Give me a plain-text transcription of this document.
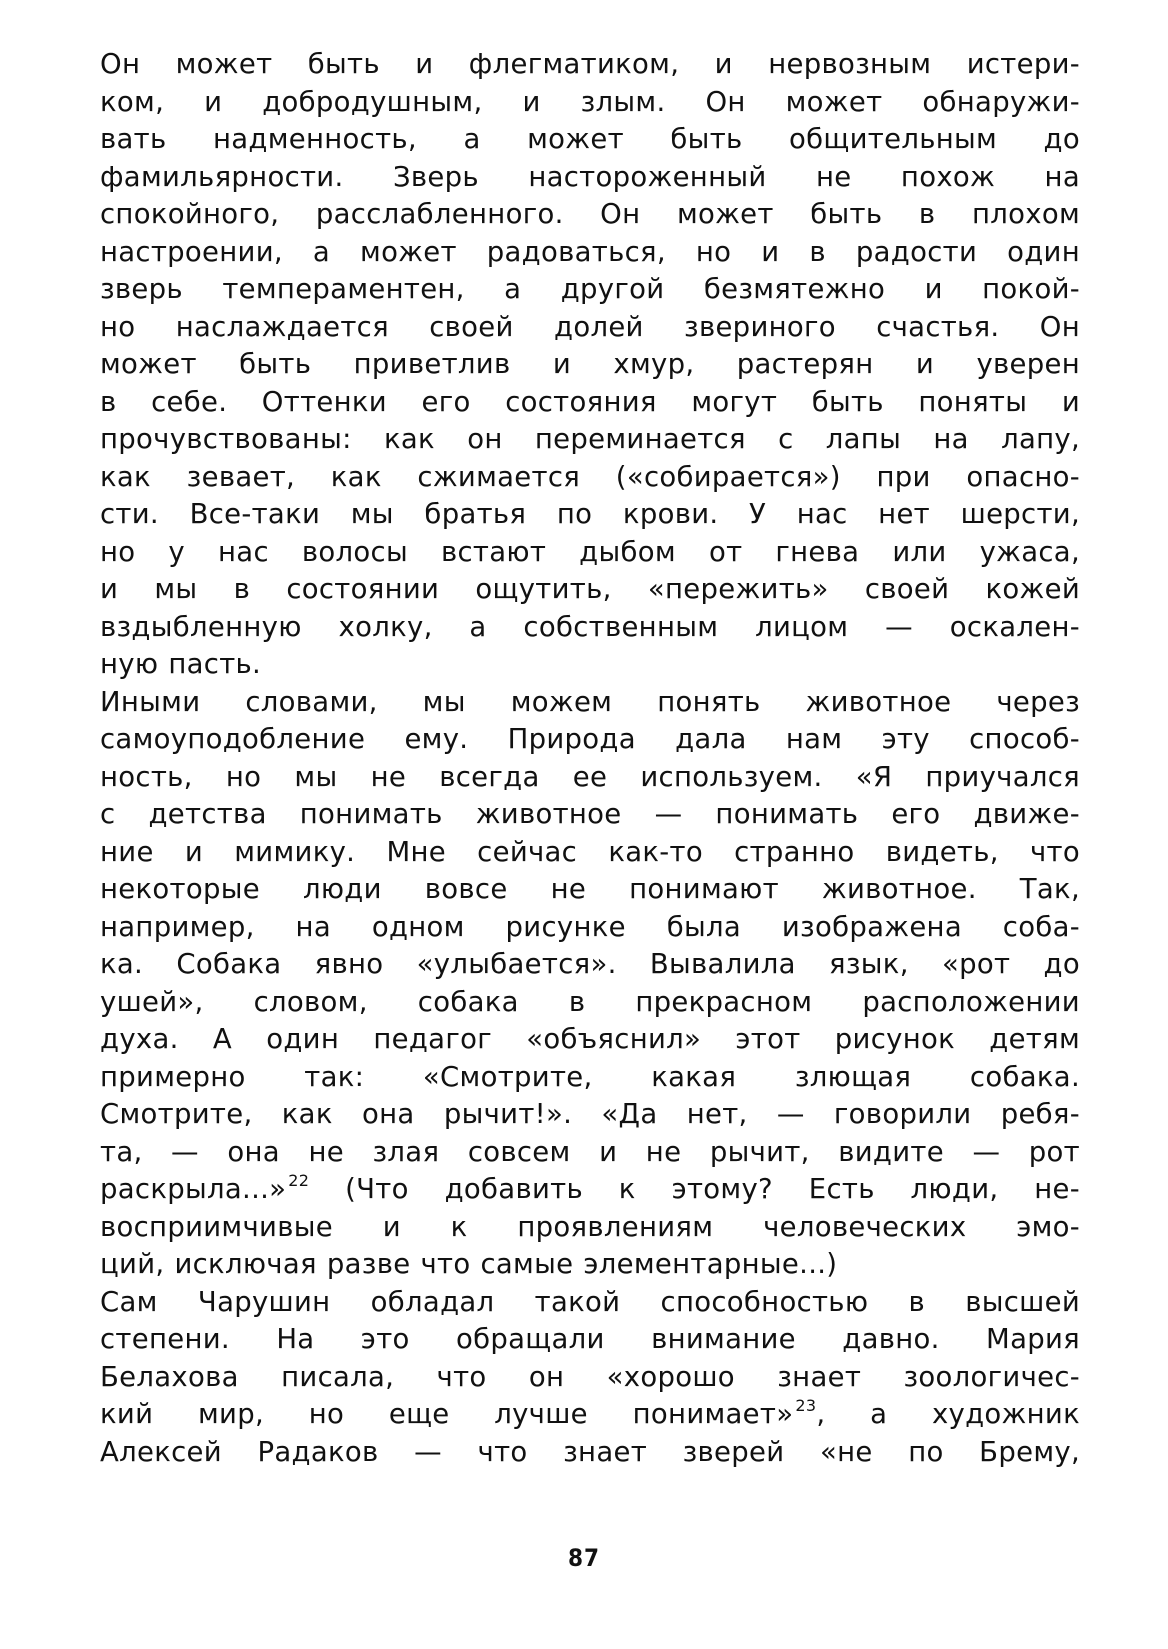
Он может быть и флегматиком, и нервозным истери-
ком, и добродушным, и злым. Он может обнаружи-
вать надменность, а может быть общительным до
фамильярности. Зверь настороженный не похож на
спокойного, расслабленного. Он может быть в плохом
настроении, а может радоваться, но и в радости один
зверь темпераментен, а другой безмятежно и покой-
но наслаждается своей долей звериного счастья. Он
может быть приветлив и хмур, растерян и уверен
в себе. Оттенки его состояния могут быть поняты и
прочувствованы: как он переминается с лапы на лапу,
как зевает, как сжимается («собирается») при опасно-
сти. Все-таки мы братья по крови. У нас нет шерсти,
но у нас волосы встают дыбом от гнева или ужаса,
и мы в состоянии ощутить, «пережить» своей кожей
вздыбленную холку, а собственным лицом — оскален-
ную пасть.
Иными словами, мы можем понять животное через
самоуподобление ему. Природа дала нам эту способ-
ность, но мы не всегда ее используем. «Я приучался
с детства понимать животное — понимать его движе-
ние и мимику. Мне сейчас как-то странно видеть, что
некоторые люди вовсе не понимают животное. Так,
например, на одном рисунке была изображена соба-
ка. Собака явно «улыбается». Вывалила язык, «рот до
ушей», словом, собака в прекрасном расположении
духа. А один педагог «объяснил» этот рисунок детям
примерно так: «Смотрите, какая злющая собака.
Смотрите, как она рычит!». «Да нет, — говорили ребя-
та, — она не злая совсем и не рычит, видите — рот
раскрыла...» $^{22}$ (Что добавить к этому? Есть люди, не-
восприимчивые и к проявлениям человеческих эмо-
ций, исключая разве что самые элементарные...)
Сам Чарушин обладал такой способностью в высшей
степени. На это обращали внимание давно. Мария
Белахова писала, что он «хорошо знает зоологичес-
кий мир, но еще лучше понимает» $^{23}$, а художник
Алексей Радаков — что знает зверей «не по Брему,
87
